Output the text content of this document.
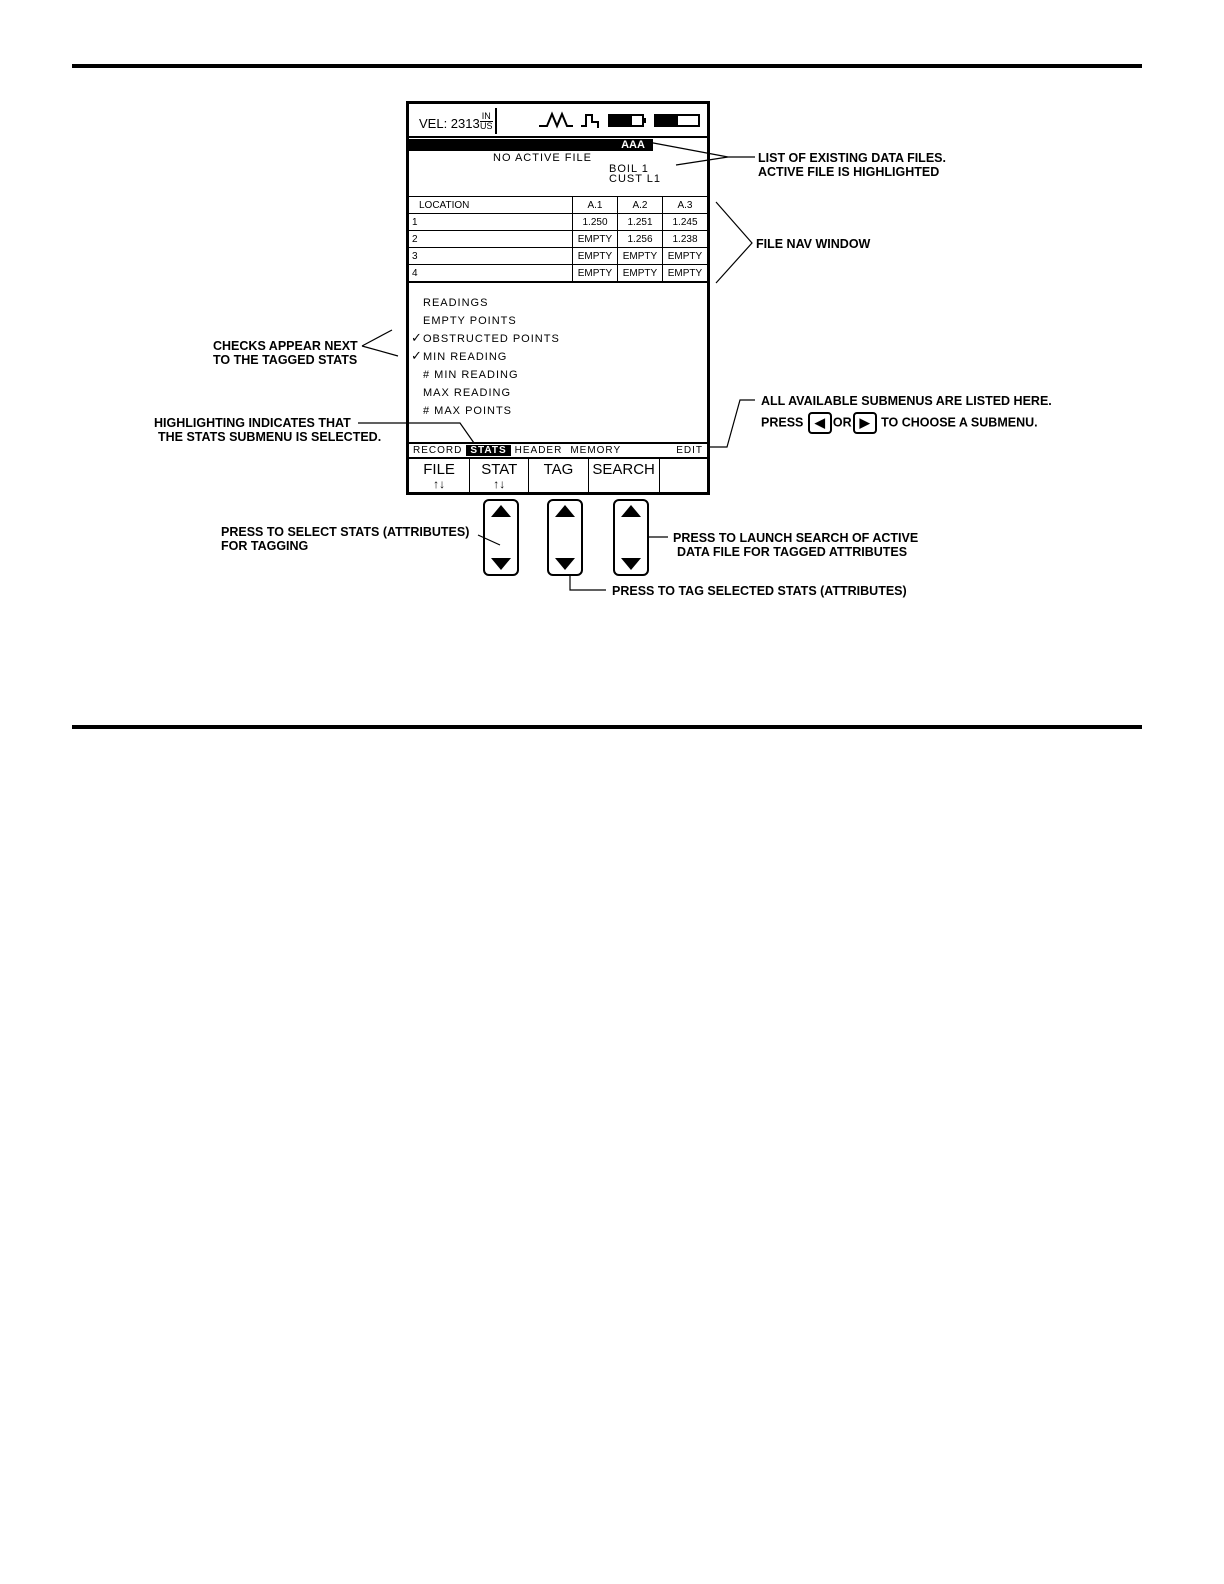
VEL: 2313 IN
US
AAA
NO ACTIVE FILE
BOIL 1
CUST L1
LOCATION	A.1	A.2	A.3
1	1.250	1.251	1.245
2	EMPTY	1.256	1.238
3	EMPTY	EMPTY	EMPTY
4	EMPTY	EMPTY	EMPTY
READINGS
EMPTY POINTS
✓ OBSTRUCTED POINTS
✓ MIN READING
# MIN READING
MAX READING
# MAX POINTS
RECORD STATS HEADER MEMORY	EDIT
FILE
↑↓
STAT
↑↓
TAG	SEARCH
LIST OF EXISTING DATA FILES.
ACTIVE FILE IS HIGHLIGHTED
FILE NAV WINDOW
CHECKS APPEAR NEXT
TO THE TAGGED STATS
HIGHLIGHTING INDICATES THAT
THE STATS SUBMENU IS SELECTED.
ALL AVAILABLE SUBMENUS ARE LISTED HERE.
PRESS ◀ OR ▶ TO CHOOSE A SUBMENU.
PRESS TO SELECT STATS (ATTRIBUTES)
FOR TAGGING
PRESS TO LAUNCH SEARCH OF ACTIVE
DATA FILE FOR TAGGED ATTRIBUTES
PRESS TO TAG SELECTED STATS (ATTRIBUTES)
